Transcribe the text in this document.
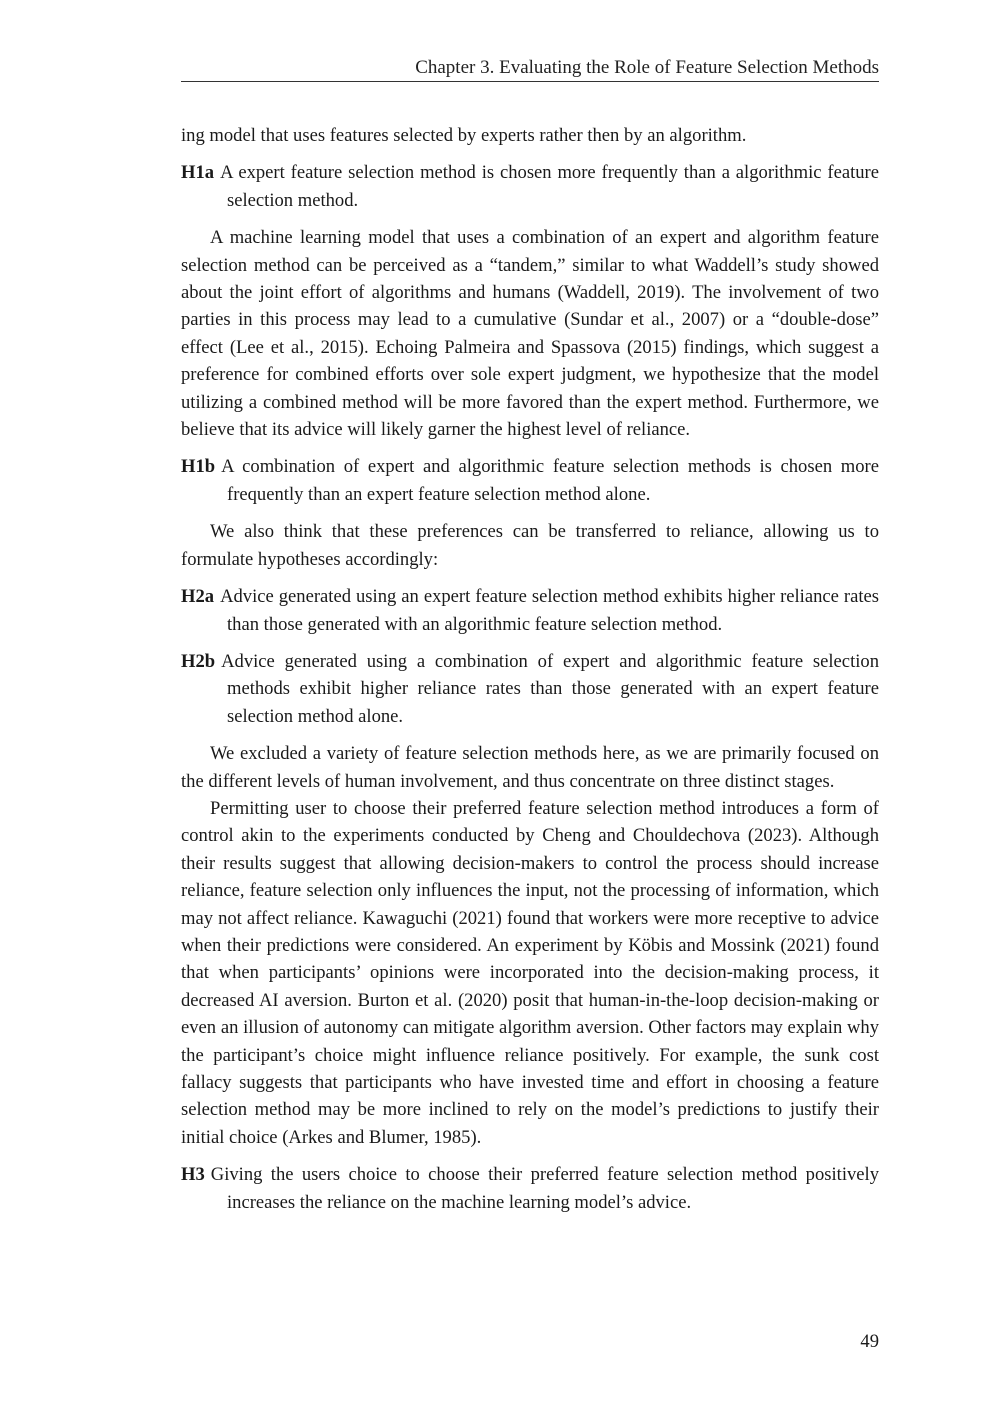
Chapter 3. Evaluating the Role of Feature Selection Methods

ing model that uses features selected by experts rather then by an algorithm.

H1a A expert feature selection method is chosen more frequently than a algorithmic feature selection method.

A machine learning model that uses a combination of an expert and algorithm feature selection method can be perceived as a “tandem,” similar to what Waddell’s study showed about the joint effort of algorithms and humans (Waddell, 2019). The involvement of two parties in this process may lead to a cumulative (Sundar et al., 2007) or a “double-dose” effect (Lee et al., 2015). Echoing Palmeira and Spassova (2015) findings, which suggest a preference for combined efforts over sole expert judgment, we hypothesize that the model utilizing a combined method will be more favored than the expert method. Furthermore, we believe that its advice will likely garner the highest level of reliance.

H1b A combination of expert and algorithmic feature selection methods is chosen more frequently than an expert feature selection method alone.

We also think that these preferences can be transferred to reliance, allowing us to formulate hypotheses accordingly:

H2a Advice generated using an expert feature selection method exhibits higher reliance rates than those generated with an algorithmic feature selection method.

H2b Advice generated using a combination of expert and algorithmic feature selection methods exhibit higher reliance rates than those generated with an expert feature selection method alone.

We excluded a variety of feature selection methods here, as we are primarily focused on the different levels of human involvement, and thus concentrate on three distinct stages.

Permitting user to choose their preferred feature selection method introduces a form of control akin to the experiments conducted by Cheng and Chouldechova (2023). Although their results suggest that allowing decision-makers to control the process should increase reliance, feature selection only influences the input, not the processing of information, which may not affect reliance. Kawaguchi (2021) found that workers were more receptive to advice when their predictions were considered. An experiment by Köbis and Mossink (2021) found that when participants’ opinions were incorporated into the decision-making process, it decreased AI aversion. Burton et al. (2020) posit that human-in-the-loop decision-making or even an illusion of autonomy can mitigate algorithm aversion. Other factors may explain why the participant’s choice might influence reliance positively. For example, the sunk cost fallacy suggests that participants who have invested time and effort in choosing a feature selection method may be more inclined to rely on the model’s predictions to justify their initial choice (Arkes and Blumer, 1985).

H3 Giving the users choice to choose their preferred feature selection method positively increases the reliance on the machine learning model’s advice.

49
